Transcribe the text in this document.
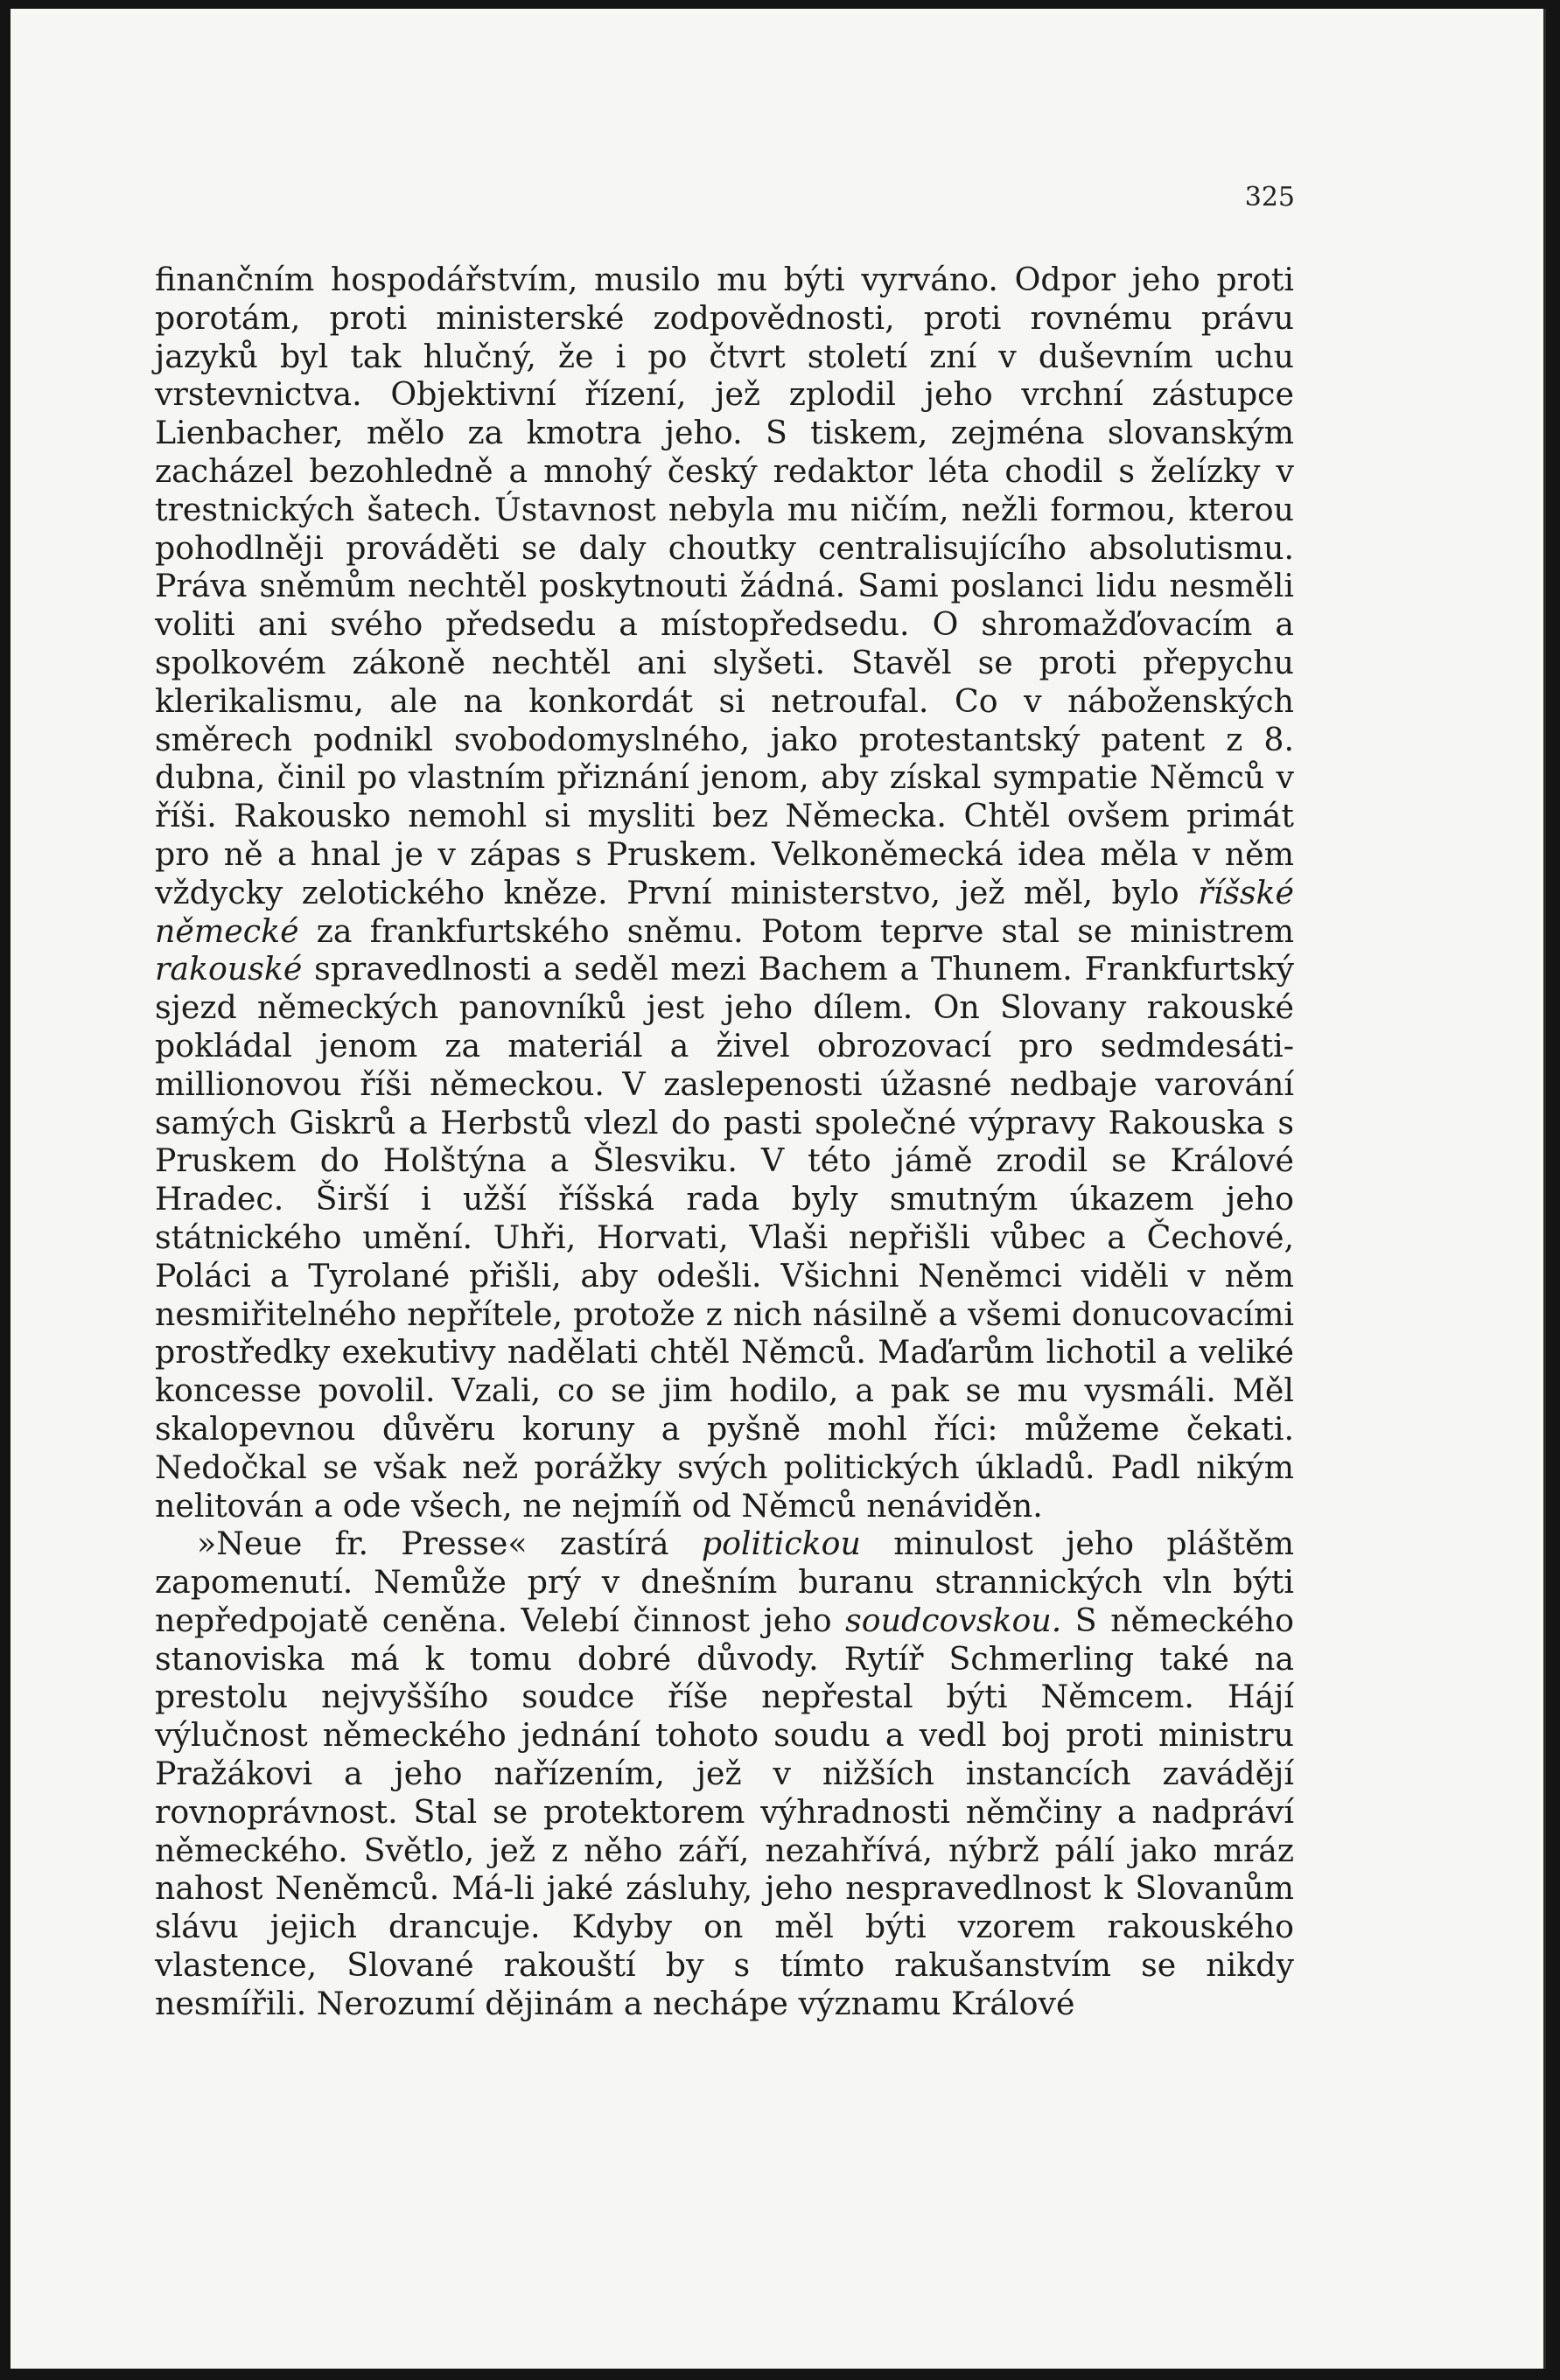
325

finančním hospodářstvím, musilo mu býti vyrváno. Odpor jeho proti porotám, proti ministerské zodpovědnosti, proti rovnému právu jazyků byl tak hlučný, že i po čtvrt století zní v duševním uchu vrstevnictva. Objektivní řízení, jež zplodil jeho vrchní zástupce Lienbacher, mělo za kmotra jeho. S tiskem, zejména slovanským zacházel bezohledně a mnohý český redaktor léta chodil s želízky v trestnických šatech. Ústavnost nebyla mu ničím, nežli formou, kterou pohodlněji prováděti se daly choutky centralisujícího absolutismu. Práva sněmům nechtěl poskytnouti žádná. Sami poslanci lidu nesměli voliti ani svého předsedu a místopředsedu. O shromažďovacím a spolkovém zákoně nechtěl ani slyšeti. Stavěl se proti přepychu klerikalismu, ale na konkordát si netroufal. Co v náboženských směrech podnikl svobodomyslného, jako protestantský patent z 8. dubna, činil po vlastním přiznání jenom, aby získal sympatie Němců v říši. Rakousko nemohl si mysliti bez Německa. Chtěl ovšem primát pro ně a hnal je v zápas s Pruskem. Velkoněmecká idea měla v něm vždycky zelotického kněze. První ministerstvo, jež měl, bylo říšské německé za frankfurtského sněmu. Potom teprve stal se ministrem rakouské spravedlnosti a seděl mezi Bachem a Thunem. Frankfurtský sjezd německých panovníků jest jeho dílem. On Slovany rakouské pokládal jenom za materiál a živel obrozovací pro sedmdesáti-millionovou říši německou. V zaslepenosti úžasné nedbaje varování samých Giskrů a Herbstů vlezl do pasti společné výpravy Rakouska s Pruskem do Holštýna a Šlesviku. V této jámě zrodil se Králové Hradec. Širší i užší říšská rada byly smutným úkazem jeho státnického umění. Uhři, Horvati, Vlaši nepřišli vůbec a Čechové, Poláci a Tyrolané přišli, aby odešli. Všichni Neněmci viděli v něm nesmiřitelného nepřítele, protože z nich násilně a všemi donucovacími prostředky exekutivy nadělati chtěl Němců. Maďarům lichotil a veliké koncesse povolil. Vzali, co se jim hodilo, a pak se mu vysmáli. Měl skalopevnou důvěru koruny a pyšně mohl říci: můžeme čekati. Nedočkal se však než porážky svých politických úkladů. Padl nikým nelitován a ode všech, ne nejmíň od Němců nenáviděn.

»Neue fr. Presse« zastírá politickou minulost jeho pláštěm zapomenutí. Nemůže prý v dnešním buranu strannických vln býti nepředpojatě ceněna. Velebí činnost jeho soudcovskou. S německého stanoviska má k tomu dobré důvody. Rytíř Schmerling také na prestolu nejvyššího soudce říše nepřestal býti Němcem. Hájí výlučnost německého jednání tohoto soudu a vedl boj proti ministru Pražákovi a jeho nařízením, jež v nižších instancích zavádějí rovnoprávnost. Stal se protektorem výhradnosti němčiny a nadpráví německého. Světlo, jež z něho září, nezahřívá, nýbrž pálí jako mráz nahost Neněmců. Má-li jaké zásluhy, jeho nespravedlnost k Slovanům slávu jejich drancuje. Kdyby on měl býti vzorem rakouského vlastence, Slované rakouští by s tímto rakušanstvím se nikdy nesmířili. Nerozumí dějinám a nechápe významu Králové
